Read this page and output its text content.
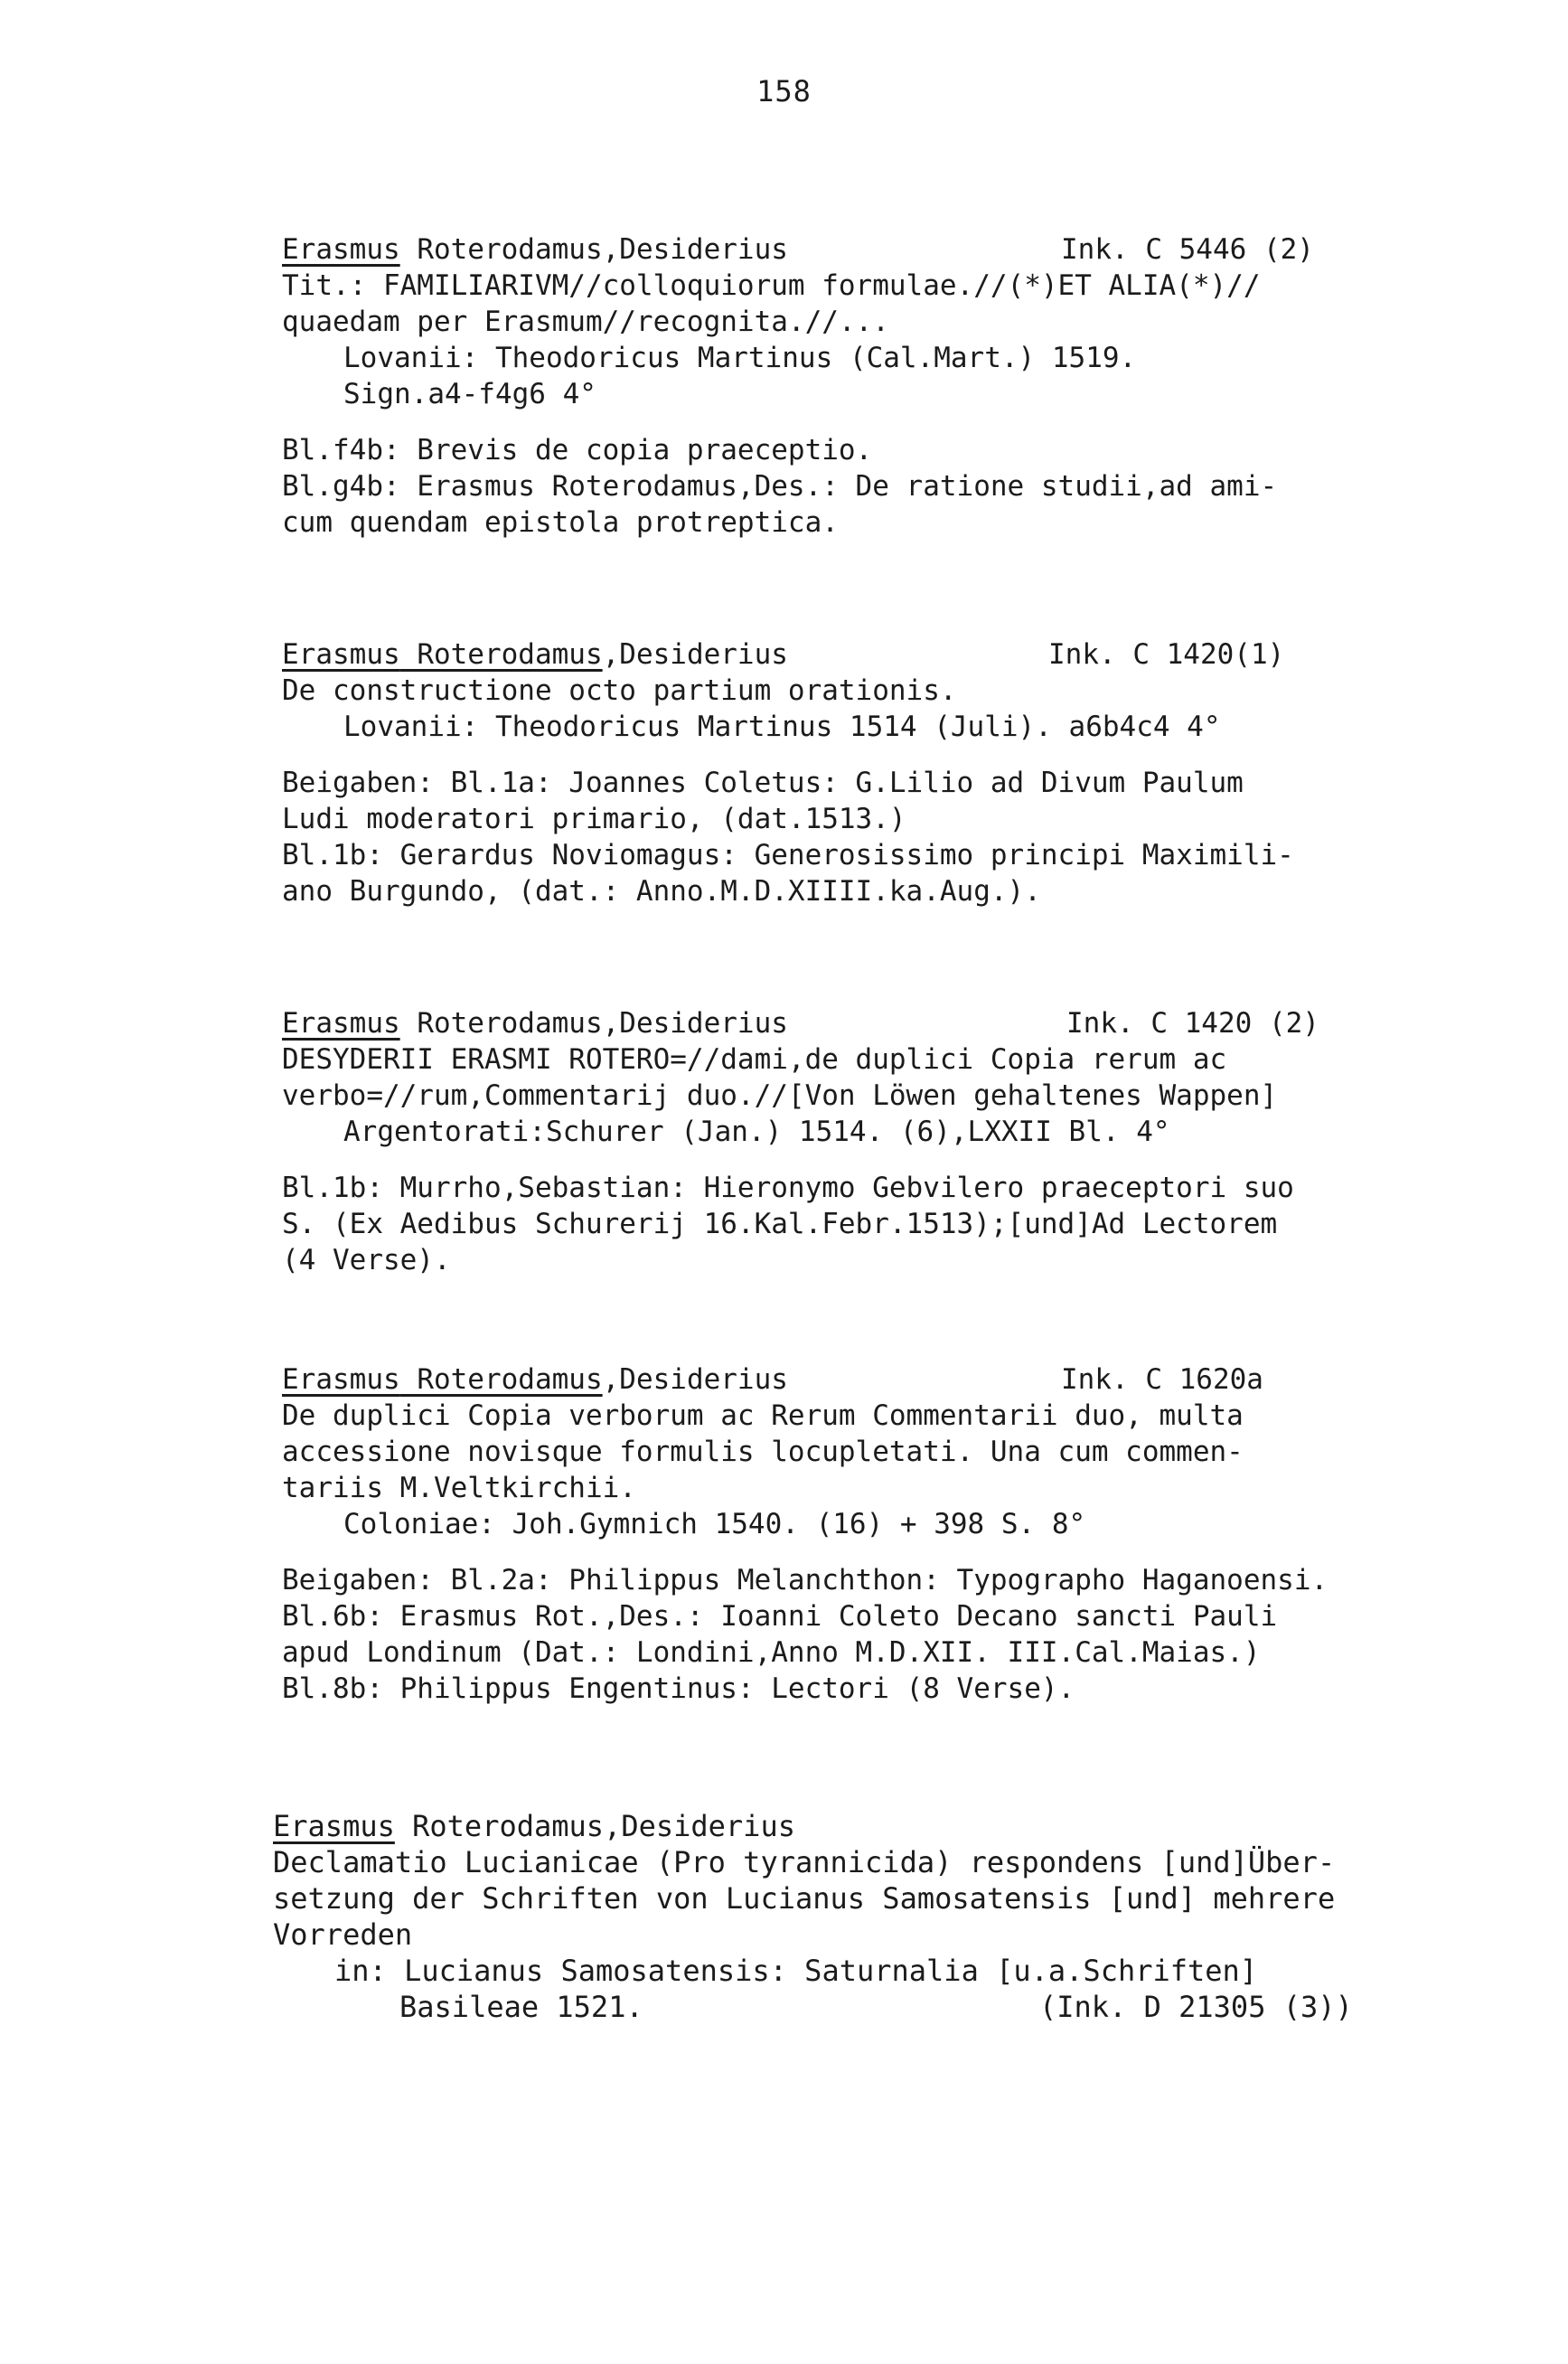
158
Erasmus Roterodamus,Desiderius	Ink. C 5446 (2)
Tit.: FAMILIARIVM//colloquiorum formulae.//(*)ET ALIA(*)//
quaedam per Erasmum//recognita.//...
Lovanii: Theodoricus Martinus (Cal.Mart.) 1519.
Sign.a4-f4g6 4°
Bl.f4b: Brevis de copia praeceptio.
Bl.g4b: Erasmus Roterodamus,Des.: De ratione studii,ad ami-
cum quendam epistola protreptica.
Erasmus Roterodamus,Desiderius	Ink. C 1420(1)
De constructione octo partium orationis.
Lovanii: Theodoricus Martinus 1514 (Juli). a6b4c4 4°
Beigaben: Bl.1a: Joannes Coletus: G.Lilio ad Divum Paulum
Ludi moderatori primario, (dat.1513.)
Bl.1b: Gerardus Noviomagus: Generosissimo principi Maximili-
ano Burgundo, (dat.: Anno.M.D.XIIII.ka.Aug.).
Erasmus Roterodamus,Desiderius	Ink. C 1420 (2)
DESYDERII ERASMI ROTERO=//dami,de duplici Copia rerum ac
verbo=//rum,Commentarij duo.//[Von Löwen gehaltenes Wappen]
Argentorati:Schurer (Jan.) 1514. (6),LXXII Bl. 4°
Bl.1b: Murrho,Sebastian: Hieronymo Gebvilero praeceptori suo
S. (Ex Aedibus Schurerij 16.Kal.Febr.1513);[und]Ad Lectorem
(4 Verse).
Erasmus Roterodamus,Desiderius	Ink. C 1620a
De duplici Copia verborum ac Rerum Commentarii duo, multa
accessione novisque formulis locupletati. Una cum commen-
tariis M.Veltkirchii.
Coloniae: Joh.Gymnich 1540. (16) + 398 S. 8°
Beigaben: Bl.2a: Philippus Melanchthon: Typographo Haganoensi.
Bl.6b: Erasmus Rot.,Des.: Ioanni Coleto Decano sancti Pauli
apud Londinum (Dat.: Londini,Anno M.D.XII. III.Cal.Maias.)
Bl.8b: Philippus Engentinus: Lectori (8 Verse).
Erasmus Roterodamus,Desiderius
Declamatio Lucianicae (Pro tyrannicida) respondens [und]Über-
setzung der Schriften von Lucianus Samosatensis [und] mehrere
Vorreden
in: Lucianus Samosatensis: Saturnalia [u.a.Schriften]
Basileae 1521.	(Ink. D 21305 (3))
